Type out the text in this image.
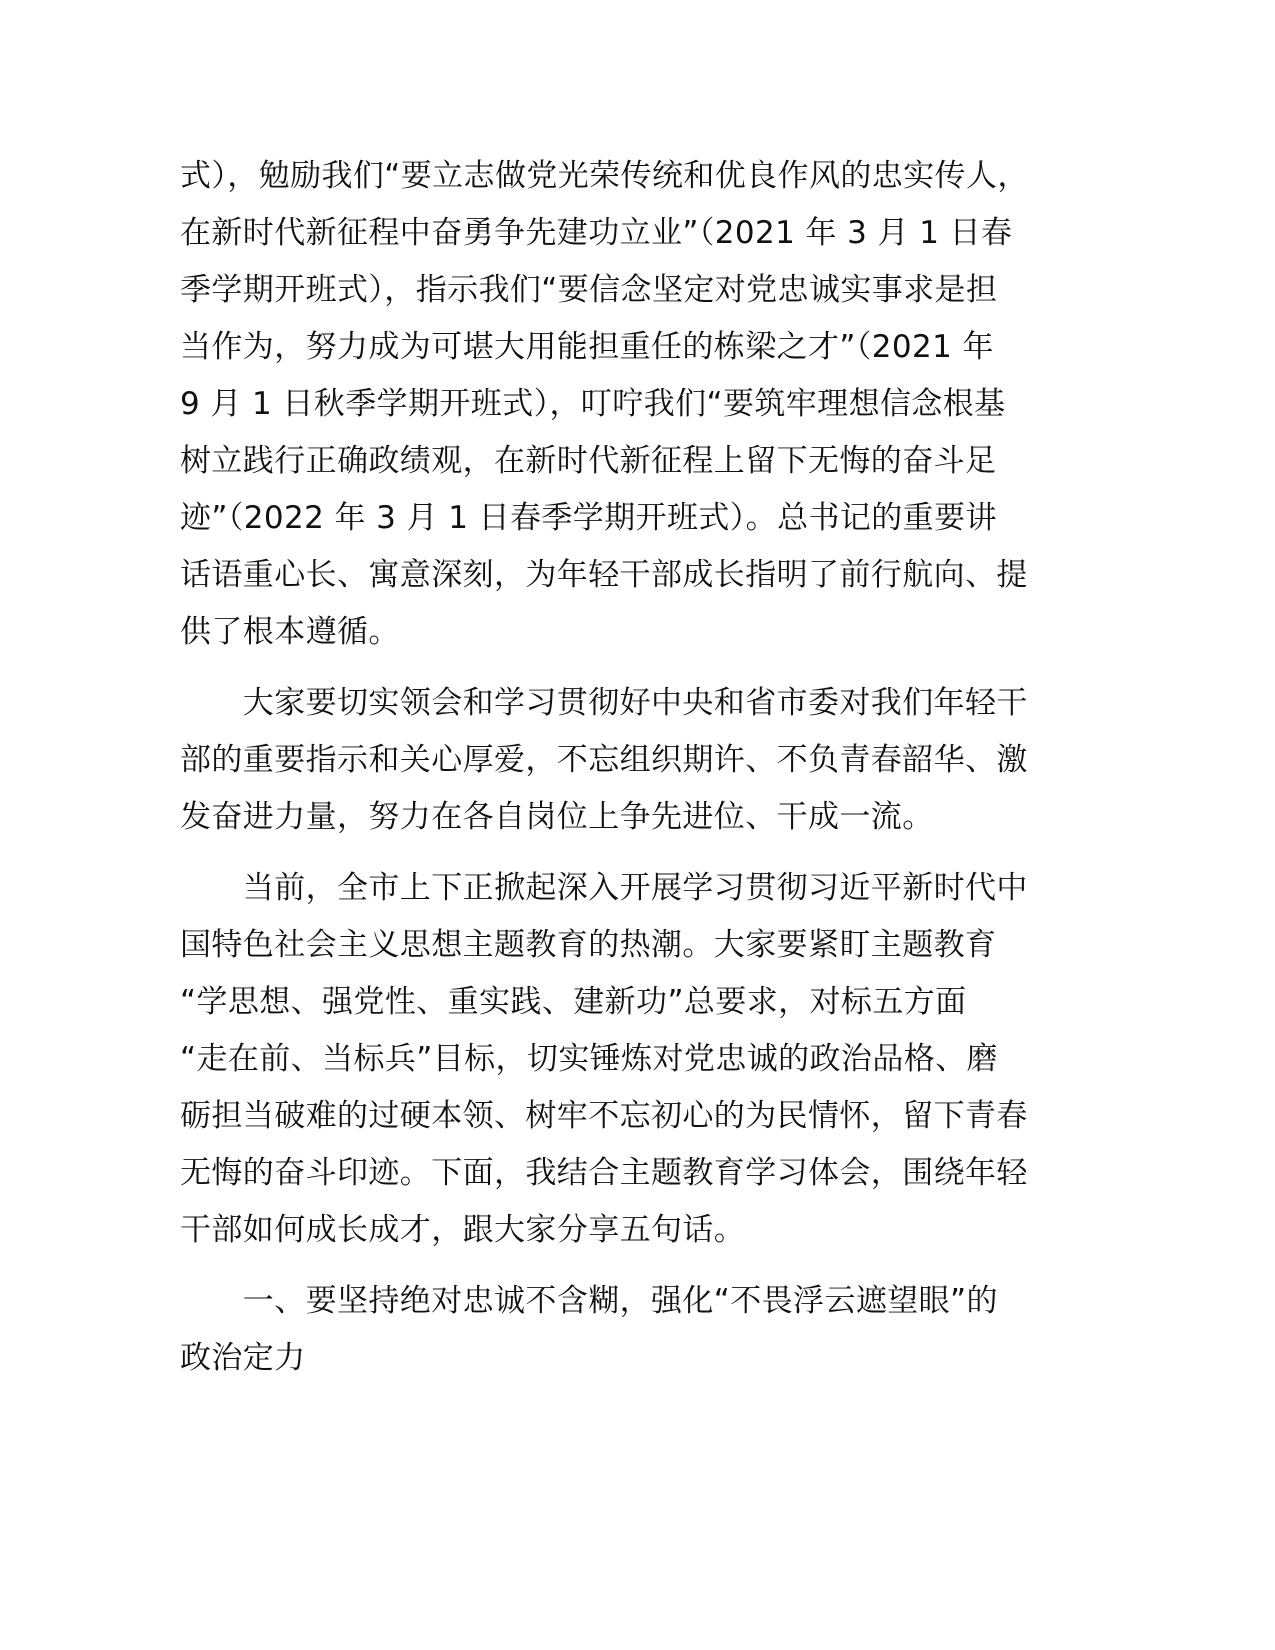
式），勉励我们“要立志做党光荣传统和优良作风的忠实传人，
在新时代新征程中奋勇争先建功立业”（2021 年 3 月 1 日春
季学期开班式），指示我们“要信念坚定对党忠诚实事求是担
当作为，努力成为可堪大用能担重任的栋梁之才”（2021 年
9 月 1 日秋季学期开班式），叮咛我们“要筑牢理想信念根基
树立践行正确政绩观，在新时代新征程上留下无悔的奋斗足
迹”（2022 年 3 月 1 日春季学期开班式）。总书记的重要讲
话语重心长、寓意深刻，为年轻干部成长指明了前行航向、提
供了根本遵循。
　　大家要切实领会和学习贯彻好中央和省市委对我们年轻干
部的重要指示和关心厚爱，不忘组织期许、不负青春韶华、激
发奋进力量，努力在各自岗位上争先进位、干成一流。
　　当前，全市上下正掀起深入开展学习贯彻习近平新时代中
国特色社会主义思想主题教育的热潮。大家要紧盯主题教育
“学思想、强党性、重实践、建新功”总要求，对标五方面
“走在前、当标兵”目标，切实锤炼对党忠诚的政治品格、磨
砺担当破难的过硬本领、树牢不忘初心的为民情怀，留下青春
无悔的奋斗印迹。下面，我结合主题教育学习体会，围绕年轻
干部如何成长成才，跟大家分享五句话。
　　一、要坚持绝对忠诚不含糊，强化“不畏浮云遮望眼”的
政治定力
